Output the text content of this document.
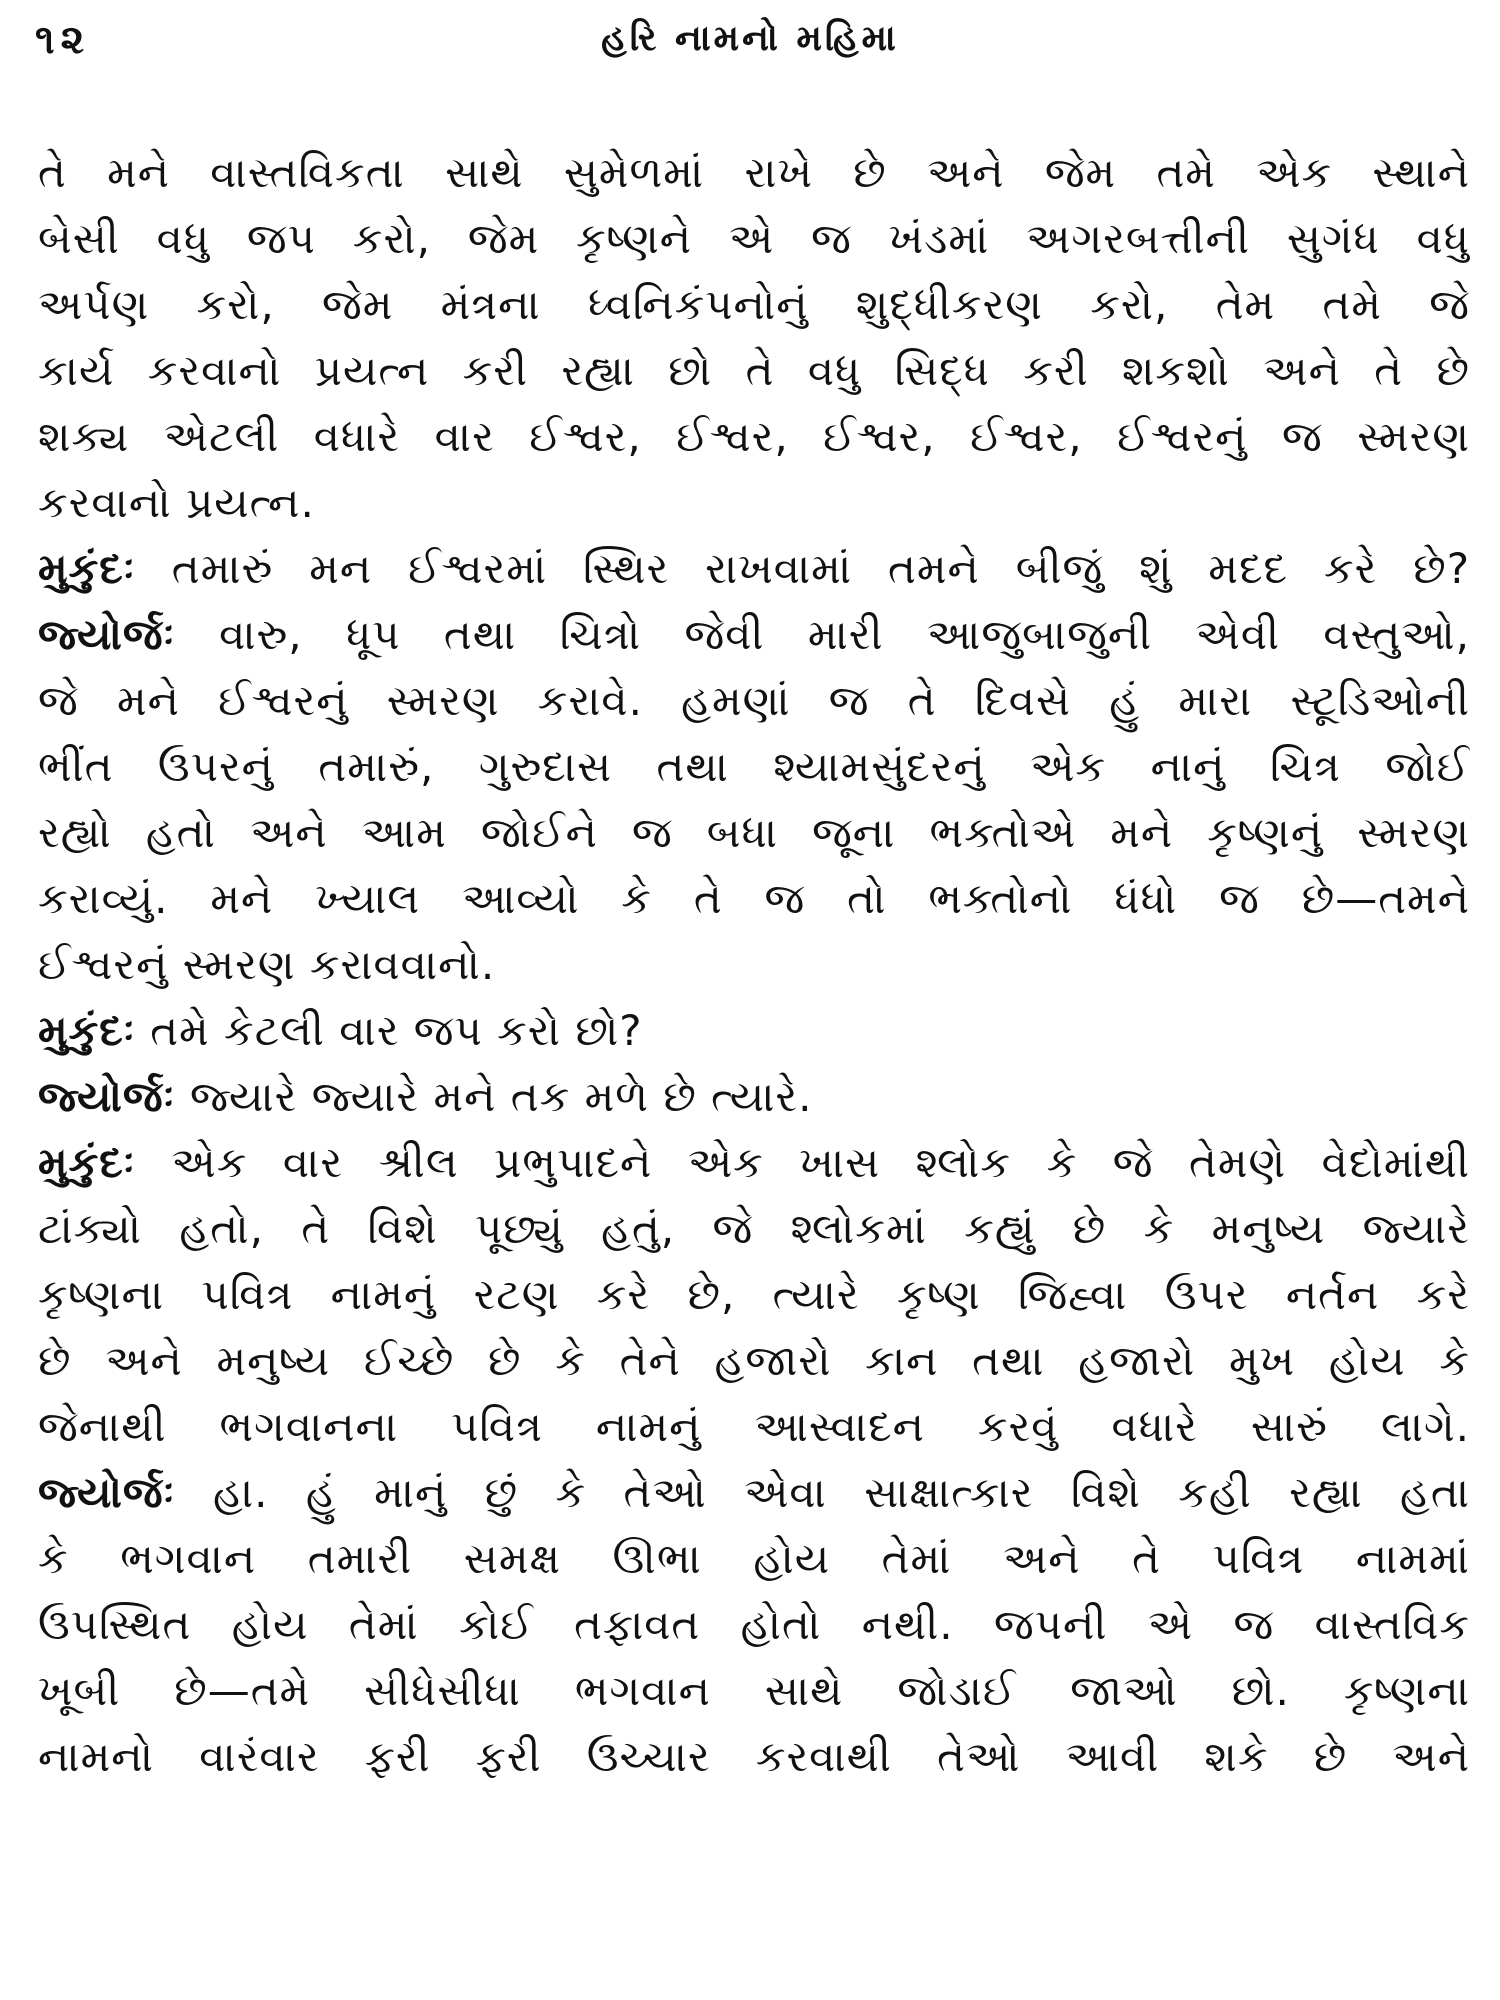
૧૨	હરિ નામનો મહિમા
તે મને વાસ્તવિકતા સાથે સુમેળમાં રાખે છે અને જેમ તમે એક સ્થાને
બેસી વધુ જપ કરો, જેમ કૃષ્ણને એ જ ખંડમાં અગરબત્તીની સુગંધ વધુ
અર્પણ કરો, જેમ મંત્રના ધ્વનિકંપનોનું શુદ્ધીકરણ કરો, તેમ તમે જે
કાર્ય કરવાનો પ્રયત્ન કરી રહ્યા છો તે વધુ સિદ્ધ કરી શકશો અને તે છે
શક્ય એટલી વધારે વાર ઈશ્વર, ઈશ્વર, ઈશ્વર, ઈશ્વર, ઈશ્વરનું જ સ્મરણ
કરવાનો પ્રયત્ન.
મુકુંદઃ તમારું મન ઈશ્વરમાં સ્થિર રાખવામાં તમને બીજું શું મદદ કરે છે?
જ્યોર્જઃ વારુ, ધૂપ તથા ચિત્રો જેવી મારી આજુબાજુની એવી વસ્તુઓ,
જે મને ઈશ્વરનું સ્મરણ કરાવે. હમણાં જ તે દિવસે હું મારા સ્ટૂડિઓની
ભીંત ઉપરનું તમારું, ગુરુદાસ તથા શ્યામસુંદરનું એક નાનું ચિત્ર જોઈ
રહ્યો હતો અને આમ જોઈને જ બધા જૂના ભક્તોએ મને કૃષ્ણનું સ્મરણ
કરાવ્યું. મને ખ્યાલ આવ્યો કે તે જ તો ભક્તોનો ધંધો જ છે—તમને
ઈશ્વરનું સ્મરણ કરાવવાનો.
મુકુંદઃ તમે કેટલી વાર જપ કરો છો?
જ્યોર્જઃ જ્યારે જ્યારે મને તક મળે છે ત્યારે.
મુકુંદઃ એક વાર શ્રીલ પ્રભુપાદને એક ખાસ શ્લોક કે જે તેમણે વેદોમાંથી
ટાંક્યો હતો, તે વિશે પૂછ્યું હતું, જે શ્લોકમાં કહ્યું છે કે મનુષ્ય જ્યારે
કૃષ્ણના પવિત્ર નામનું રટણ કરે છે, ત્યારે કૃષ્ણ જિહ્વા ઉપર નર્તન કરે
છે અને મનુષ્ય ઈચ્છે છે કે તેને હજારો કાન તથા હજારો મુખ હોય કે
જેનાથી ભગવાનના પવિત્ર નામનું આસ્વાદન કરવું વધારે સારું લાગે.
જ્યોર્જઃ હા. હું માનું છું કે તેઓ એવા સાક્ષાત્કાર વિશે કહી રહ્યા હતા
કે ભગવાન તમારી સમક્ષ ઊભા હોય તેમાં અને તે પવિત્ર નામમાં
ઉપસ્થિત હોય તેમાં કોઈ તફાવત હોતો નથી. જપની એ જ વાસ્તવિક
ખૂબી છે—તમે સીધેસીધા ભગવાન સાથે જોડાઈ જાઓ છો. કૃષ્ણના
નામનો વારંવાર ફરી ફરી ઉચ્ચાર કરવાથી તેઓ આવી શકે છે અને
